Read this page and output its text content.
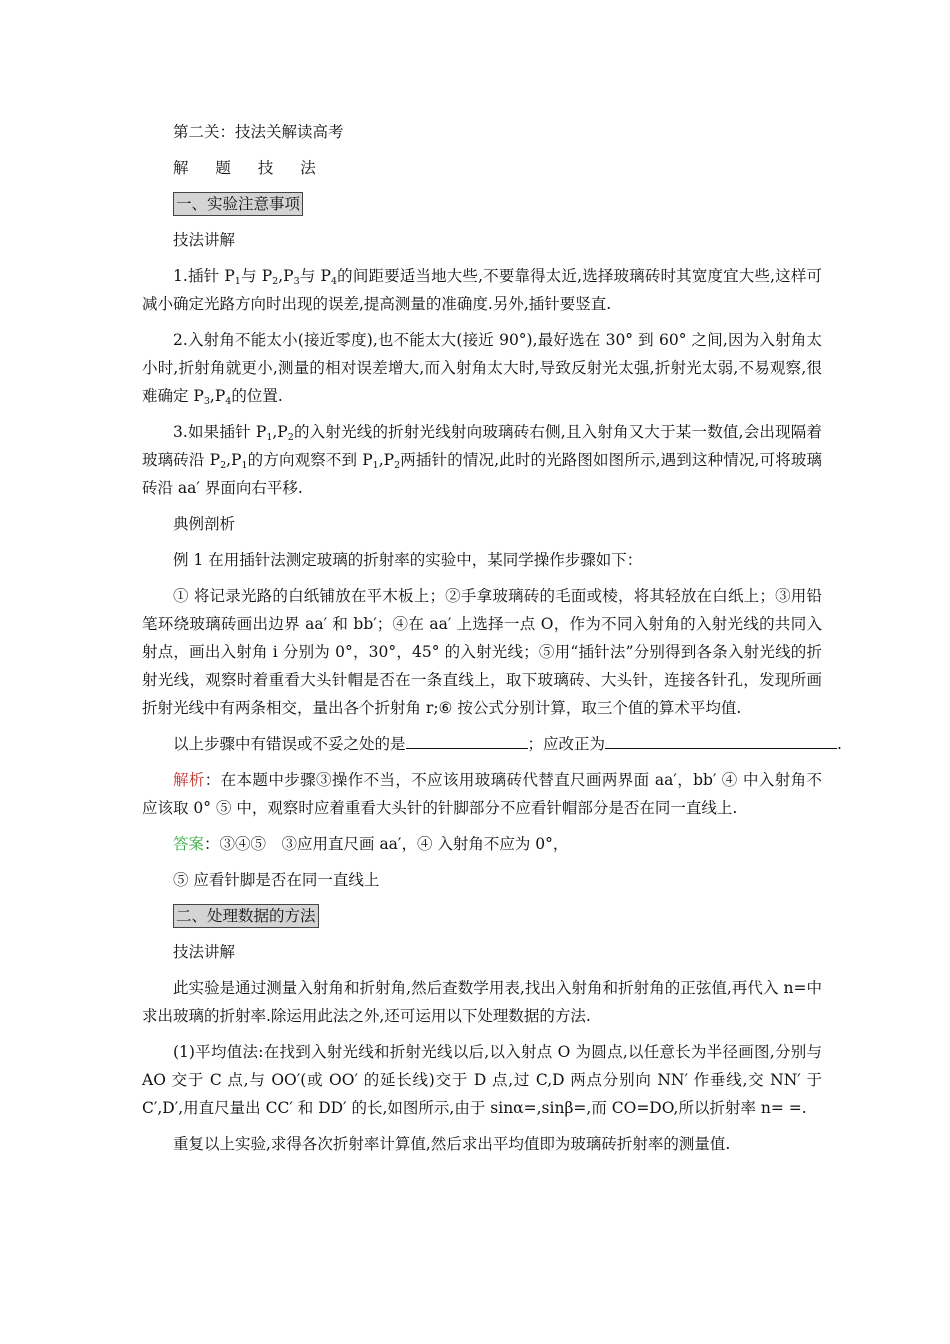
第二关：技法关解读高考
解 题 技 法
一、实验注意事项
技法讲解

1.插针 $P_1$与 $P_2,P_3$与 $P_4$的间距要适当地大些,不要靠得太近,选择玻璃砖时其宽度宜大些,这样可减小确定光路方向时出现的误差,提高测量的准确度.另外,插针要竖直.

2.入射角不能太小(接近零度),也不能太大(接近 90°),最好选在 30° 到 60° 之间,因为入射角太小时,折射角就更小,测量的相对误差增大,而入射角太大时,导致反射光太强,折射光太弱,不易观察,很难确定 $P_3,P_4$的位置.

3.如果插针 $P_1,P_2$的入射光线的折射光线射向玻璃砖右侧,且入射角又大于某一数值,会出现隔着玻璃砖沿 $P_2,P_1$的方向观察不到 $P_1,P_2$两插针的情况,此时的光路图如图所示,遇到这种情况,可将玻璃砖沿 aa′ 界面向右平移.

典例剖析
例 1 在用插针法测定玻璃的折射率的实验中，某同学操作步骤如下：

① 将记录光路的白纸铺放在平木板上；②手拿玻璃砖的毛面或棱，将其轻放在白纸上；③用铅笔环绕玻璃砖画出边界 aa′ 和 bb′；④在 aa′ 上选择一点 O，作为不同入射角的入射光线的共同入射点，画出入射角 i 分别为 0°，30°，45° 的入射光线；⑤用“插针法”分别得到各条入射光线的折射光线，观察时着重看大头针帽是否在一条直线上，取下玻璃砖、大头针，连接各针孔，发现所画折射光线中有两条相交，量出各个折射角 r;⑥ 按公式分别计算，取三个值的算术平均值.

以上步骤中有错误或不妥之处的是	；应改正为	.

解析：在本题中步骤③操作不当，不应该用玻璃砖代替直尺画两界面 aa′，bb′ ④ 中入射角不应该取 0° ⑤ 中，观察时应着重看大头针的针脚部分不应看针帽部分是否在同一直线上.

答案：③④⑤　③应用直尺画 aa′，④ 入射角不应为 0°，
⑤ 应看针脚是否在同一直线上
二、处理数据的方法
技法讲解

此实验是通过测量入射角和折射角,然后查数学用表,找出入射角和折射角的正弦值,再代入 n=中求出玻璃的折射率.除运用此法之外,还可运用以下处理数据的方法.

(1)平均值法:在找到入射光线和折射光线以后,以入射点 O 为圆点,以任意长为半径画图,分别与 AO 交于 C 点,与 OO′(或 OO′ 的延长线)交于 D 点,过 C,D 两点分别向 NN′ 作垂线,交 NN′ 于 C′,D′,用直尺量出 CC′ 和 DD′ 的长,如图所示,由于 sinα=,sinβ=,而 CO=DO,所以折射率 n= =.

重复以上实验,求得各次折射率计算值,然后求出平均值即为玻璃砖折射率的测量值.
